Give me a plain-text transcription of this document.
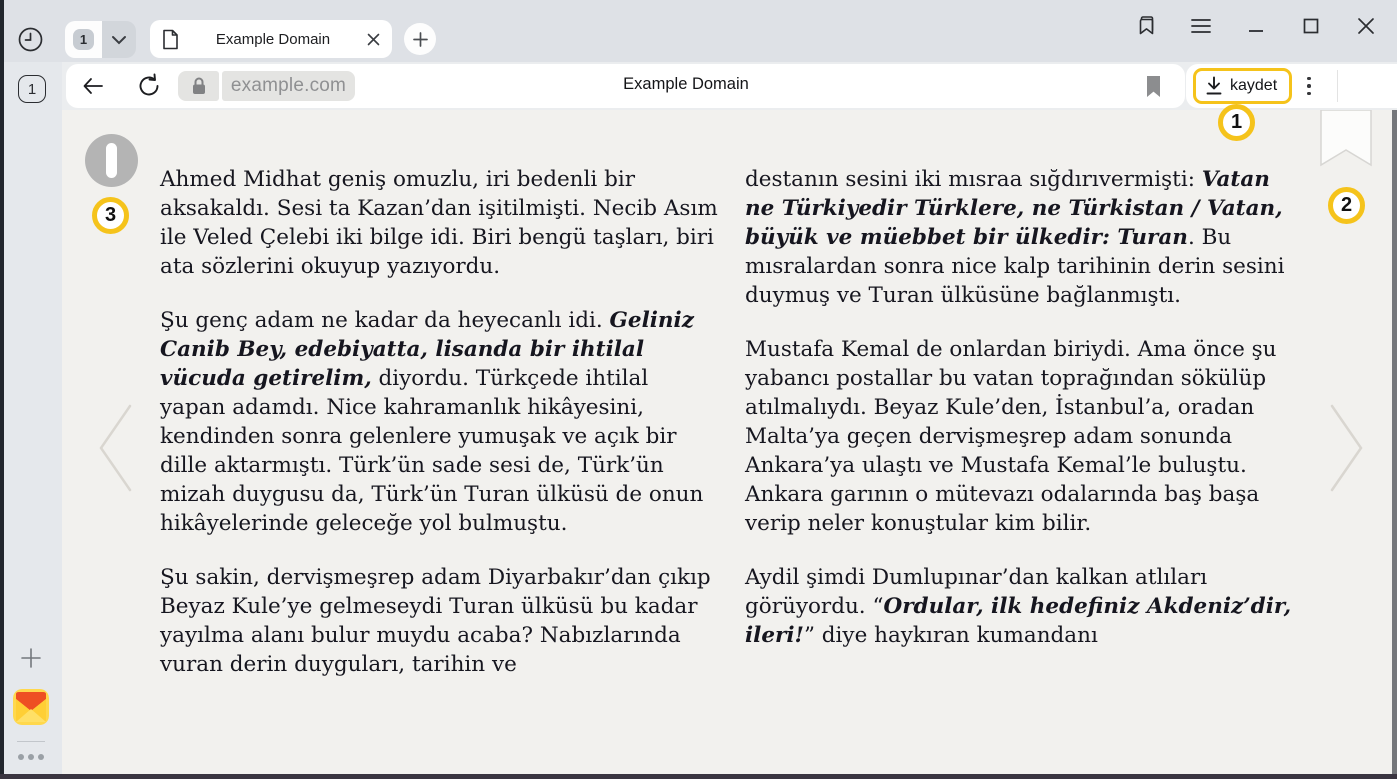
1	Example Domain
1	example.com	Example Domain	kaydet

Ahmed Midhat geniş omuzlu, iri bedenli bir aksakaldı. Sesi ta Kazan’dan işitilmişti. Necib Asım ile Veled Çelebi iki bilge idi. Biri bengü taşları, biri ata sözlerini okuyup yazıyordu.

Şu genç adam ne kadar da heyecanlı idi. Geliniz Canib Bey, edebiyatta, lisanda bir ihtilal vücuda getirelim, diyordu. Türkçede ihtilal yapan adamdı. Nice kahramanlık hikâyesini, kendinden sonra gelenlere yumuşak ve açık bir dille aktarmıştı. Türk’ün sade sesi de, Türk’ün mizah duygusu da, Türk’ün Turan ülküsü de onun hikâyelerinde geleceğe yol bulmuştu.

Şu sakin, dervişmeşrep adam Diyarbakır’dan çıkıp Beyaz Kule’ye gelmeseydi Turan ülküsü bu kadar yayılma alanı bulur muydu acaba? Nabızlarında vuran derin duyguları, tarihin ve

destanın sesini iki mısraa sığdırıvermişti: Vatan ne Türkiyedir Türklere, ne Türkistan / Vatan, büyük ve müebbet bir ülkedir: Turan. Bu mısralardan sonra nice kalp tarihinin derin sesini duymuş ve Turan ülküsüne bağlanmıştı.

Mustafa Kemal de onlardan biriydi. Ama önce şu yabancı postallar bu vatan toprağından sökülüp atılmalıydı. Beyaz Kule’den, İstanbul’a, oradan Malta’ya geçen dervişmeşrep adam sonunda Ankara’ya ulaştı ve Mustafa Kemal’le buluştu. Ankara garının o mütevazı odalarında baş başa verip neler konuştular kim bilir.

Aydil şimdi Dumlupınar’dan kalkan atlıları görüyordu. “Ordular, ilk hedefiniz Akdeniz’dir, ileri!” diye haykıran kumandanı

1
2
3
